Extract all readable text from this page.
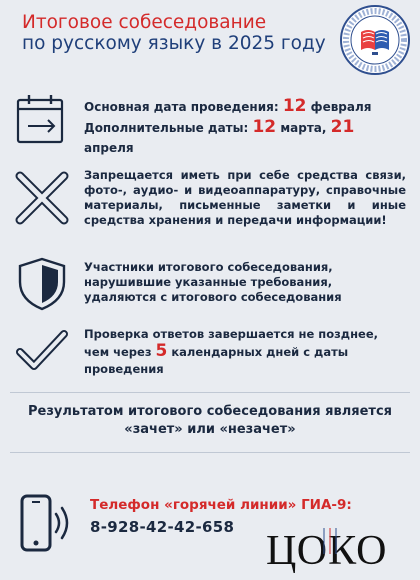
Итоговое собеседование
по русскому языку в 2025 году
Основная дата проведения: 12 февраля
Дополнительные даты: 12 марта, 21 апреля
Запрещается иметь при себе средства связи, фото-, аудио- и видеоаппаратуру, справочные материалы, письменные заметки и иные средства хранения и передачи информации!
Участники итогового собеседования, нарушившие указанные требования, удаляются с итогового собеседования
Проверка ответов завершается не позднее,
чем через 5 календарных дней с даты
проведения
Результатом итогового собеседования является
«зачет» или «незачет»
Телефон «горячей линии» ГИА-9:
8-928-42-42-658
ЦОКО
